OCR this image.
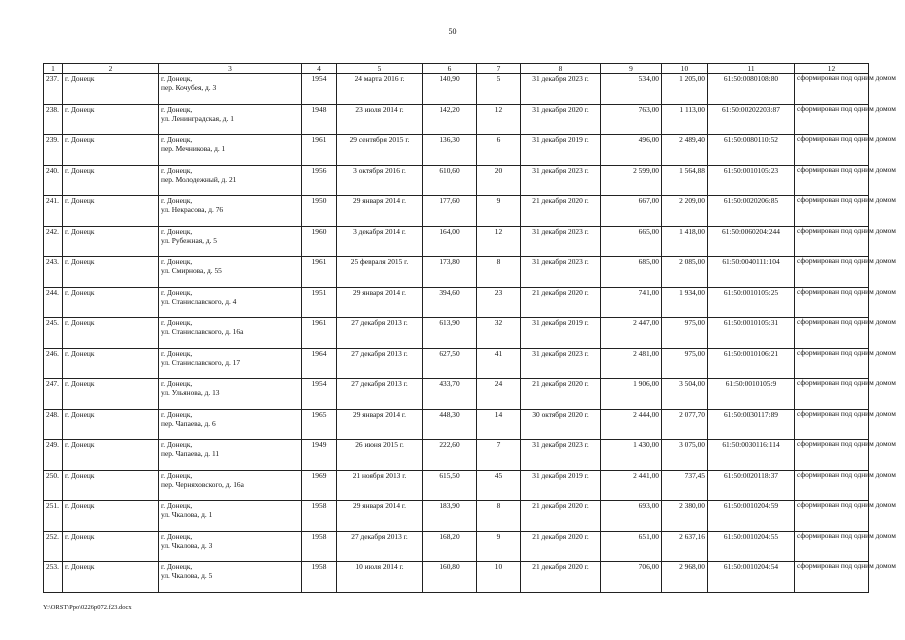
50
1	2	3	4	5	6	7	8	9	10	11	12
237.	г. Донецк	г. Донецк,
пер. Кочубея, д. 3	1954	24 марта 2016 г.	140,90	5	31 декабря 2023 г.	534,00	1 205,00	61:50:0080108:80	сформирован под одним домом
238.	г. Донецк	г. Донецк,
ул. Ленинградская, д. 1	1948	23 июля 2014 г.	142,20	12	31 декабря 2020 г.	763,00	1 113,00	61:50:00202203:87	сформирован под одним домом
239.	г. Донецк	г. Донецк,
пер. Мечникова, д. 1	1961	29 сентября 2015 г.	136,30	6	31 декабря 2019 г.	496,00	2 489,40	61:50:0080110:52	сформирован под одним домом
240.	г. Донецк	г. Донецк,
пер. Молодежный, д. 21	1956	3 октября 2016 г.	610,60	20	31 декабря 2023 г.	2 599,00	1 564,88	61:50:0010105:23	сформирован под одним домом
241.	г. Донецк	г. Донецк,
ул. Некрасова, д. 76	1950	29 января 2014 г.	177,60	9	21 декабря 2020 г.	667,00	2 209,00	61:50:0020206:85	сформирован под одним домом
242.	г. Донецк	г. Донецк,
ул. Рубежная, д. 5	1960	3 декабря 2014 г.	164,00	12	31 декабря 2023 г.	665,00	1 418,00	61:50:0060204:244	сформирован под одним домом
243.	г. Донецк	г. Донецк,
ул. Смирнова, д. 55	1961	25 февраля 2015 г.	173,80	8	31 декабря 2023 г.	685,00	2 085,00	61:50:0040111:104	сформирован под одним домом
244.	г. Донецк	г. Донецк,
ул. Станиславского, д. 4	1951	29 января 2014 г.	394,60	23	21 декабря 2020 г.	741,00	1 934,00	61:50:0010105:25	сформирован под одним домом
245.	г. Донецк	г. Донецк,
ул. Станиславского, д. 16а	1961	27 декабря 2013 г.	613,90	32	31 декабря 2019 г.	2 447,00	975,00	61:50:0010105:31	сформирован под одним домом
246.	г. Донецк	г. Донецк,
ул. Станиславского, д. 17	1964	27 декабря 2013 г.	627,50	41	31 декабря 2023 г.	2 481,00	975,00	61:50:0010106:21	сформирован под одним домом
247.	г. Донецк	г. Донецк,
ул. Ульянова, д. 13	1954	27 декабря 2013 г.	433,70	24	21 декабря 2020 г.	1 906,00	3 504,00	61:50:0010105:9	сформирован под одним домом
248.	г. Донецк	г. Донецк,
пер. Чапаева, д. 6	1965	29 января 2014 г.	448,30	14	30 октября 2020 г.	2 444,00	2 077,70	61:50:0030117:89	сформирован под одним домом
249.	г. Донецк	г. Донецк,
пер. Чапаева, д. 11	1949	26 июня 2015 г.	222,60	7	31 декабря 2023 г.	1 430,00	3 075,00	61:50:0030116:114	сформирован под одним домом
250.	г. Донецк	г. Донецк,
пер. Черняховского, д. 16а	1969	21 ноября 2013 г.	615,50	45	31 декабря 2019 г.	2 441,00	737,45	61:50:0020118:37	сформирован под одним домом
251.	г. Донецк	г. Донецк,
ул. Чкалова, д. 1	1958	29 января 2014 г.	183,90	8	21 декабря 2020 г.	693,00	2 380,00	61:50:0010204:59	сформирован под одним домом
252.	г. Донецк	г. Донецк,
ул. Чкалова, д. 3	1958	27 декабря 2013 г.	168,20	9	21 декабря 2020 г.	651,00	2 637,16	61:50:0010204:55	сформирован под одним домом
253.	г. Донецк	г. Донецк,
ул. Чкалова, д. 5	1958	10 июля 2014 г.	160,80	10	21 декабря 2020 г.	706,00	2 968,00	61:50:0010204:54	сформирован под одним домом
Y:\ORST\Ppo\0226p072.f23.docx
